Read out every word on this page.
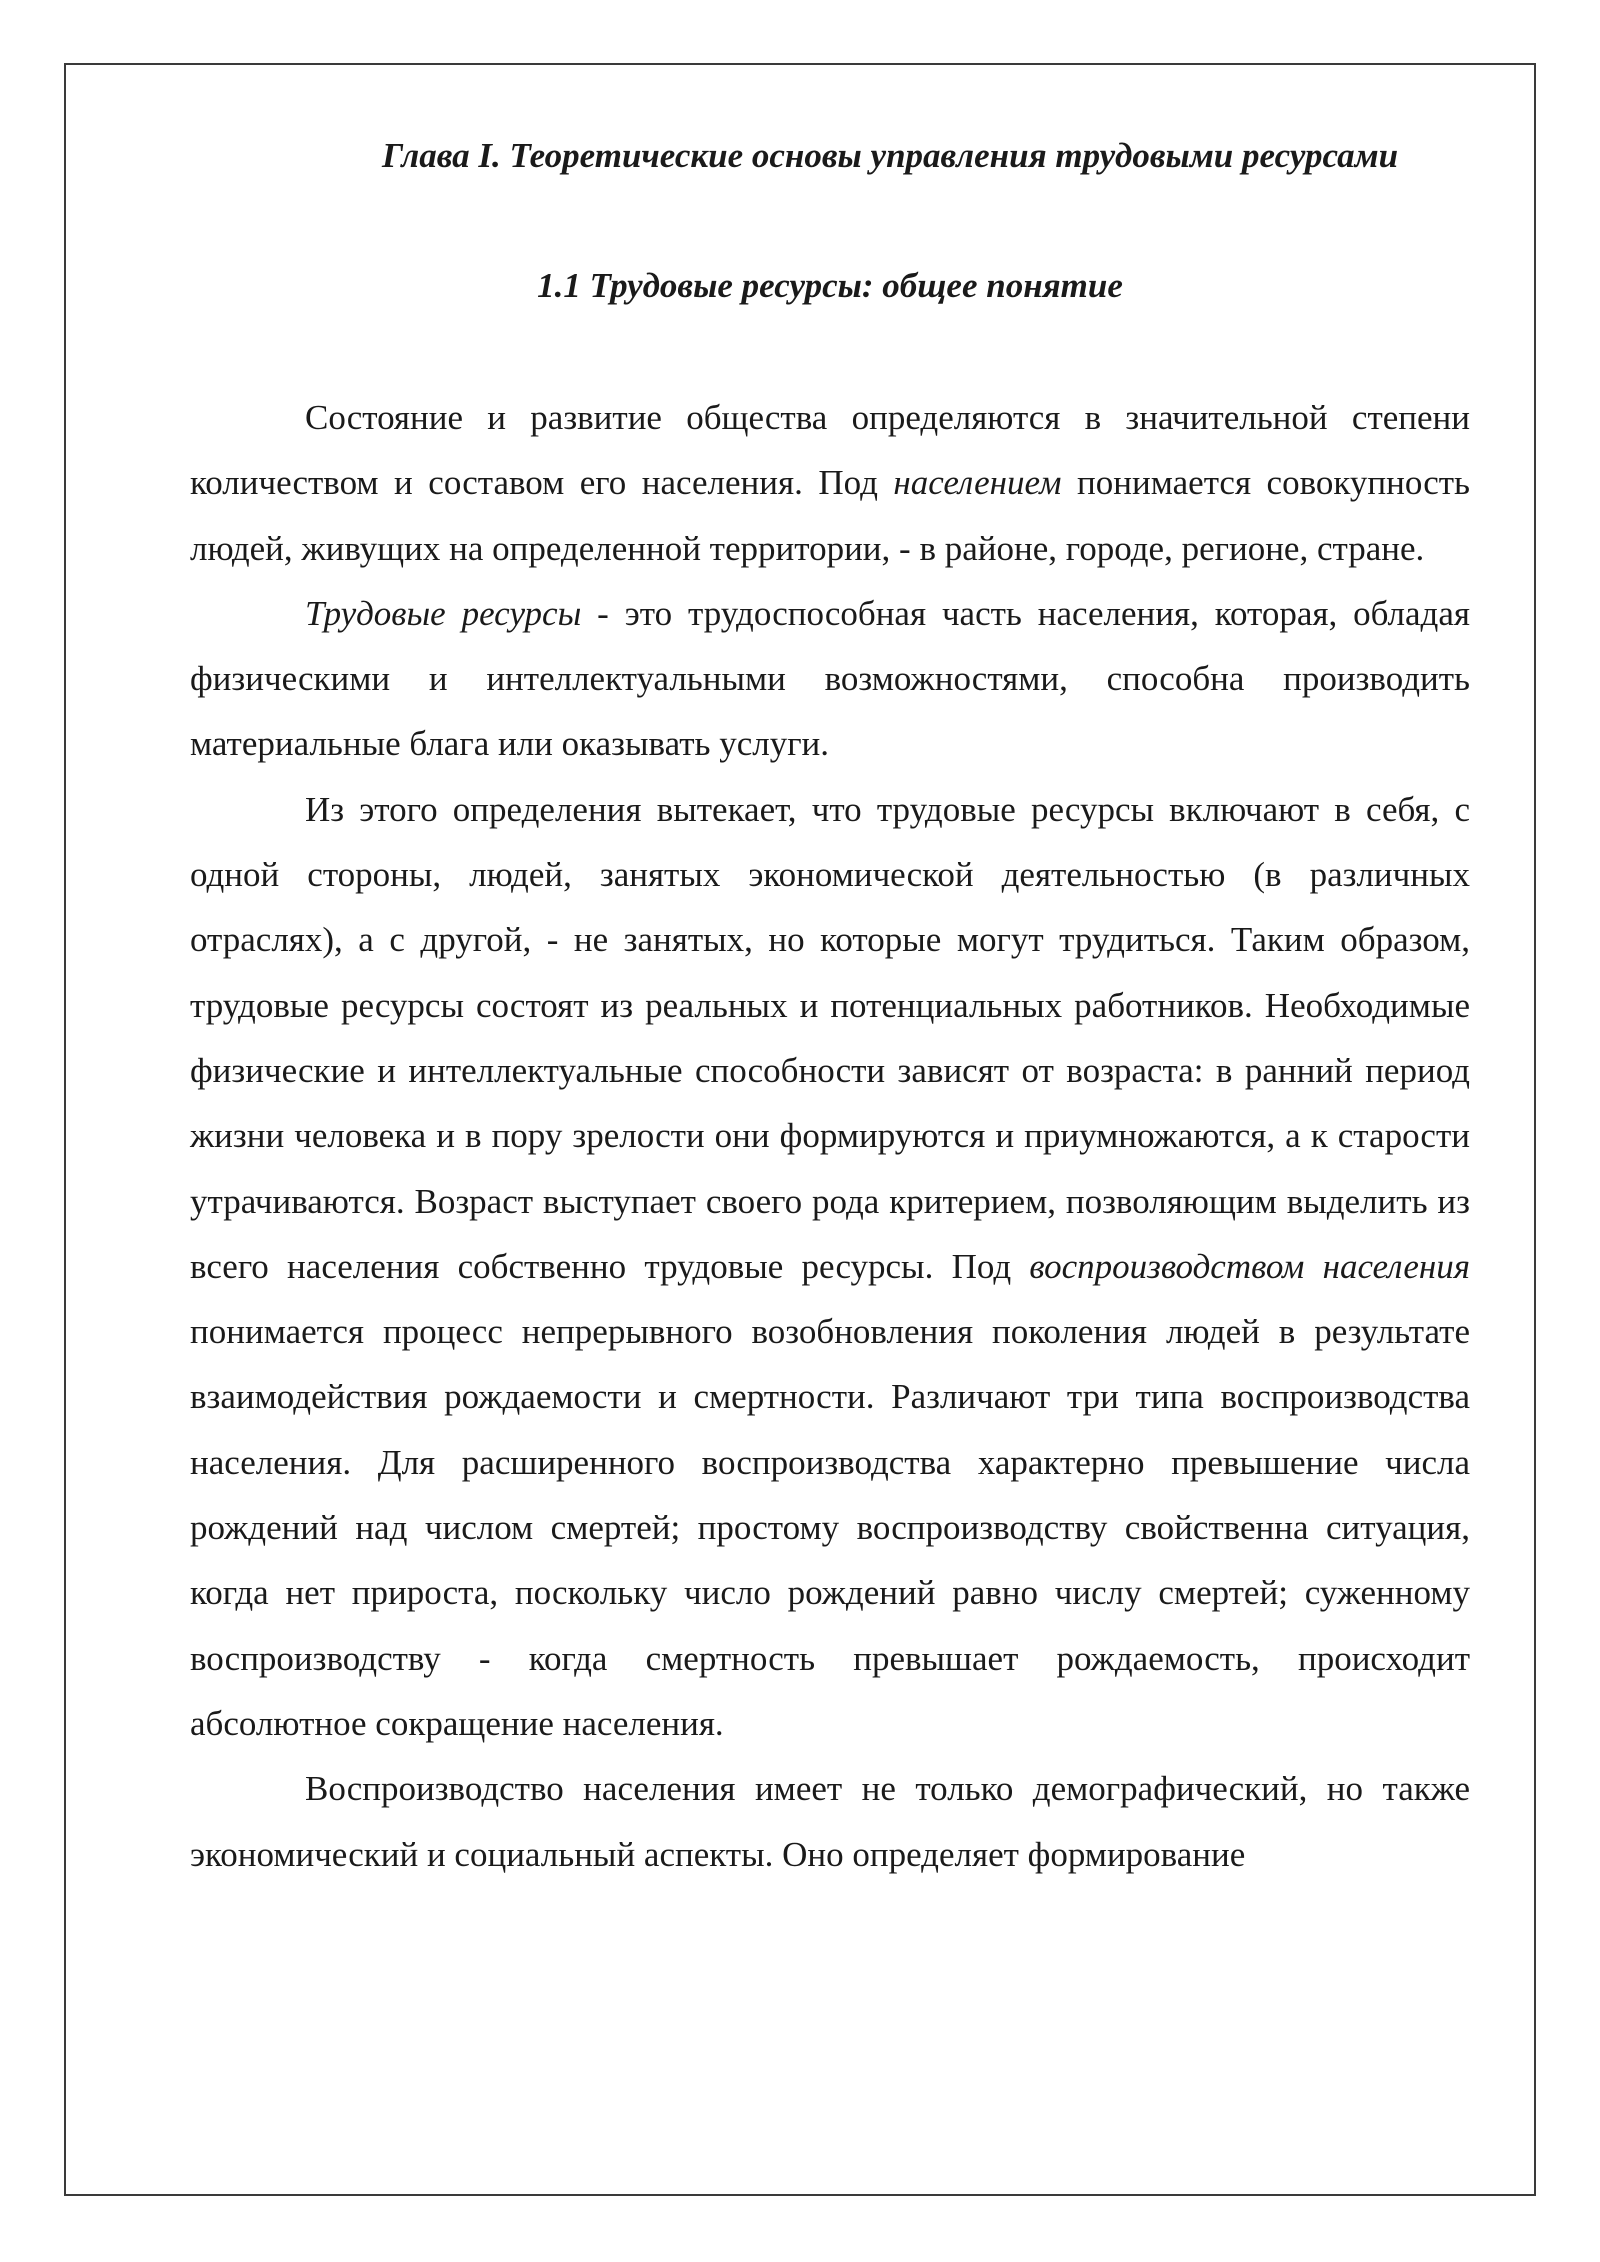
Глава I. Теоретические основы управления трудовыми ресурсами
1.1 Трудовые ресурсы: общее понятие

Состояние и развитие общества определяются в значительной степени количеством и составом его населения. Под населением понимается совокупность людей, живущих на определенной территории, - в районе, городе, регионе, стране.

Трудовые ресурсы - это трудоспособная часть населения, которая, обладая физическими и интеллектуальными возможностями, способна производить материальные блага или оказывать услуги.

Из этого определения вытекает, что трудовые ресурсы включают в себя, с одной стороны, людей, занятых экономической деятельностью (в различных отраслях), а с другой, - не занятых, но которые могут трудиться. Таким образом, трудовые ресурсы состоят из реальных и потенциальных работников. Необходимые физические и интеллектуальные способности зависят от возраста: в ранний период жизни человека и в пору зрелости они формируются и приумножаются, а к старости утрачиваются. Возраст выступает своего рода критерием, позволяющим выделить из всего населения собственно трудовые ресурсы. Под воспроизводством населения понимается процесс непрерывного возобновления поколения людей в результате взаимодействия рождаемости и смертности. Различают три типа воспроизводства населения. Для расширенного воспроизводства характерно превышение числа рождений над числом смертей; простому воспроизводству свойственна ситуация, когда нет прироста, поскольку число рождений равно числу смертей; суженному воспроизводству - когда смертность превышает рождаемость, происходит абсолютное сокращение населения.

Воспроизводство населения имеет не только демографический, но также экономический и социальный аспекты. Оно определяет формирование
